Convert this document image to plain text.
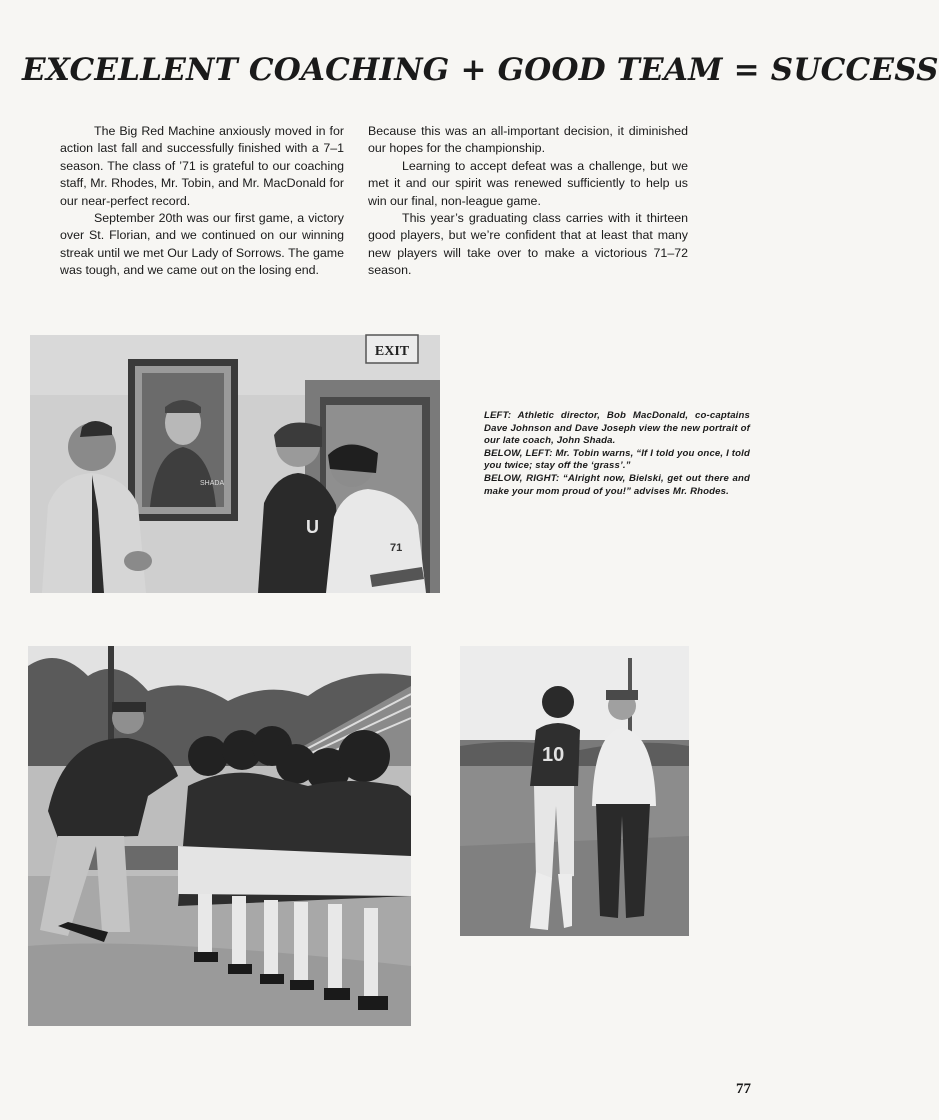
EXCELLENT COACHING + GOOD TEAM = SUCCESS

The Big Red Machine anxiously moved in for action last fall and successfully finished with a 7–1 season. The class of ’71 is grateful to our coaching staff, Mr. Rhodes, Mr. Tobin, and Mr. MacDonald for our near-perfect record.

September 20th was our first game, a victory over St. Florian, and we continued on our winning streak until we met Our Lady of Sorrows. The game was tough, and we came out on the losing end.

Because this was an all-important decision, it diminished our hopes for the championship.

Learning to accept defeat was a challenge, but we met it and our spirit was renewed sufficiently to help us win our final, non-league game.

This year’s graduating class carries with it thirteen good players, but we’re confident that at least that many new players will take over to make a victorious 71–72 season.

EXIT
SHADA
U
71
LEFT: Athletic director, Bob MacDonald, co-captains Dave Johnson and Dave Joseph view the new portrait of our late coach, John Shada.
BELOW, LEFT: Mr. Tobin warns, “If I told you once, I told you twice; stay off the ‘grass’.”
BELOW, RIGHT: “Alright now, Bielski, get out there and make your mom proud of you!” advises Mr. Rhodes.
10
77
